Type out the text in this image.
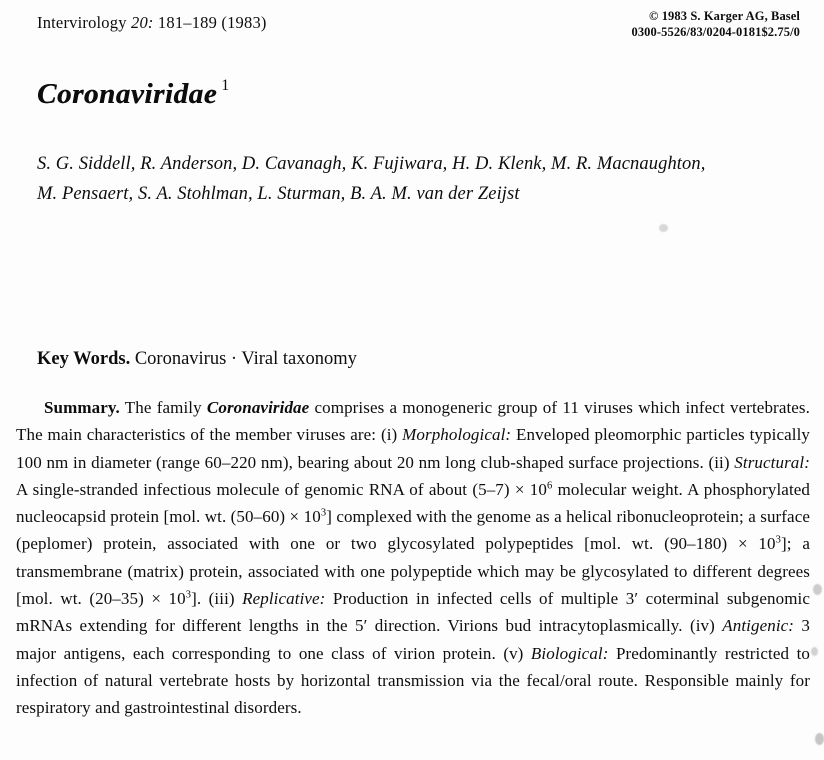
Intervirology 20: 181–189 (1983)	© 1983 S. Karger AG, Basel
0300-5526/83/0204-0181$2.75/0
Coronaviridae $^1$
S. G. Siddell, R. Anderson, D. Cavanagh, K. Fujiwara, H. D. Klenk, M. R. Macnaughton,
M. Pensaert, S. A. Stohlman, L. Sturman, B. A. M. van der Zeijst
Key Words. Coronavirus · Viral taxonomy

Summary. The family Coronaviridae comprises a monogeneric group of 11 viruses which infect vertebrates. The main characteristics of the member viruses are: (i) Morphological: Enveloped pleomorphic particles typically 100 nm in diameter (range 60–220 nm), bearing about 20 nm long club-shaped surface projections. (ii) Structural: A single-stranded infectious molecule of genomic RNA of about $(5-7) \times 10^6$ molecular weight. A phosphorylated nucleocapsid protein [mol. wt. $(50-60) \times 10^3$] complexed with the genome as a helical ribonucleoprotein; a surface (peplomer) protein, associated with one or two glycosylated polypeptides [mol. wt. $(90-180) \times 10^3$]; a transmembrane (matrix) protein, associated with one polypeptide which may be glycosylated to different degrees [mol. wt. $(20-35) \times 10^3$]. (iii) Replicative: Production in infected cells of multiple 3′ coterminal subgenomic mRNAs extending for different lengths in the 5′ direction. Virions bud intracytoplasmically. (iv) Antigenic: 3 major antigens, each corresponding to one class of virion protein. (v) Biological: Predominantly restricted to infection of natural vertebrate hosts by horizontal transmission via the fecal/oral route. Responsible mainly for respiratory and gastrointestinal disorders.
